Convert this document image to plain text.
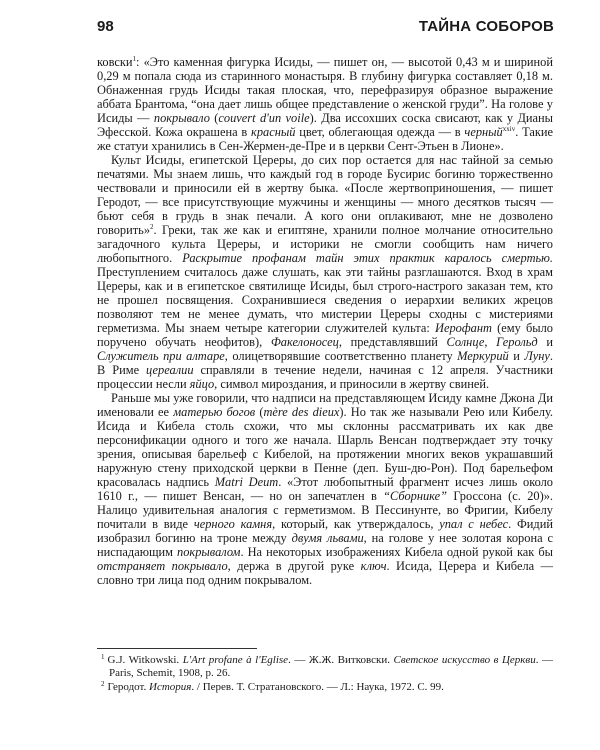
98	ТАЙНА СОБОРОВ

ковски$^1$: «Это каменная фигурка Исиды, — пишет он, — высотой 0,43 м и шириной 0,29 м попала сюда из старинного монастыря. В глубину фигурка составляет 0,18 м. Обнаженная грудь Исиды такая плоская, что, перефразируя образное выражение аббата Брантома, “она дает лишь общее представление о женской груди”. На голове у Исиды — покрывало (couvert d'un voile). Два иссохших соска свисают, как у Дианы Эфесской. Кожа окрашена в красный цвет, облегающая одежда — в черный$^{xxiv}$. Такие же статуи хранились в Сен-Жермен-де-Пре и в церкви Сент-Этьен в Лионе».

Культ Исиды, египетской Цереры, до сих пор остается для нас тайной за семью печатями. Мы знаем лишь, что каждый год в городе Бусирис богиню торжественно чествовали и приносили ей в жертву быка. «После жертвоприношения, — пишет Геродот, — все присутствующие мужчины и женщины — много десятков тысяч — бьют себя в грудь в знак печали. А кого они оплакивают, мне не дозволено говорить»$^2$. Греки, так же как и египтяне, хранили полное молчание относительно загадочного культа Цереры, и историки не смогли сообщить нам ничего любопытного. Раскрытие профанам тайн этих практик каралось смертью. Преступлением считалось даже слушать, как эти тайны разглашаются. Вход в храм Цереры, как и в египетское святилище Исиды, был строго-настрого заказан тем, кто не прошел посвящения. Сохранившиеся сведения о иерархии великих жрецов позволяют тем не менее думать, что мистерии Цереры сходны с мистериями герметизма. Мы знаем четыре категории служителей культа: Иерофант (ему было поручено обучать неофитов), Факелоносец, представлявший Солнце, Герольд и Служитель при алтаре, олицетворявшие соответственно планету Меркурий и Луну. В Риме цереалии справляли в течение недели, начиная с 12 апреля. Участники процессии несли яйцо, символ мироздания, и приносили в жертву свиней.

Раньше мы уже говорили, что надписи на представляющем Исиду камне Джона Ди именовали ее матерью богов (mère des dieux). Но так же называли Рею или Кибелу. Исида и Кибела столь схожи, что мы склонны рассматривать их как две персонификации одного и того же начала. Шарль Венсан подтверждает эту точку зрения, описывая барельеф с Кибелой, на протяжении многих веков украшавший наружную стену приходской церкви в Пенне (деп. Буш-дю-Рон). Под барельефом красовалась надпись Matri Deum. «Этот любопытный фрагмент исчез лишь около 1610 г., — пишет Венсан, — но он запечатлен в “Сборнике” Гроссона (с. 20)». Налицо удивительная аналогия с герметизмом. В Пессинунте, во Фригии, Кибелу почитали в виде черного камня, который, как утверждалось, упал с небес. Фидий изобразил богиню на троне между двумя львами, на голове у нее золотая корона с ниспадающим покрывалом. На некоторых изображениях Кибела одной рукой как бы отстраняет покрывало, держа в другой руке ключ. Исида, Церера и Кибела — словно три лица под одним покрывалом.

$^1$ G.J. Witkowski. L'Art profane à l'Eglise. — Ж.Ж. Витковски. Светское искусство в Церкви. — Paris, Schemit, 1908, р. 26.

$^2$ Геродот. История. / Перев. Т. Стратановского. — Л.: Наука, 1972. С. 99.
